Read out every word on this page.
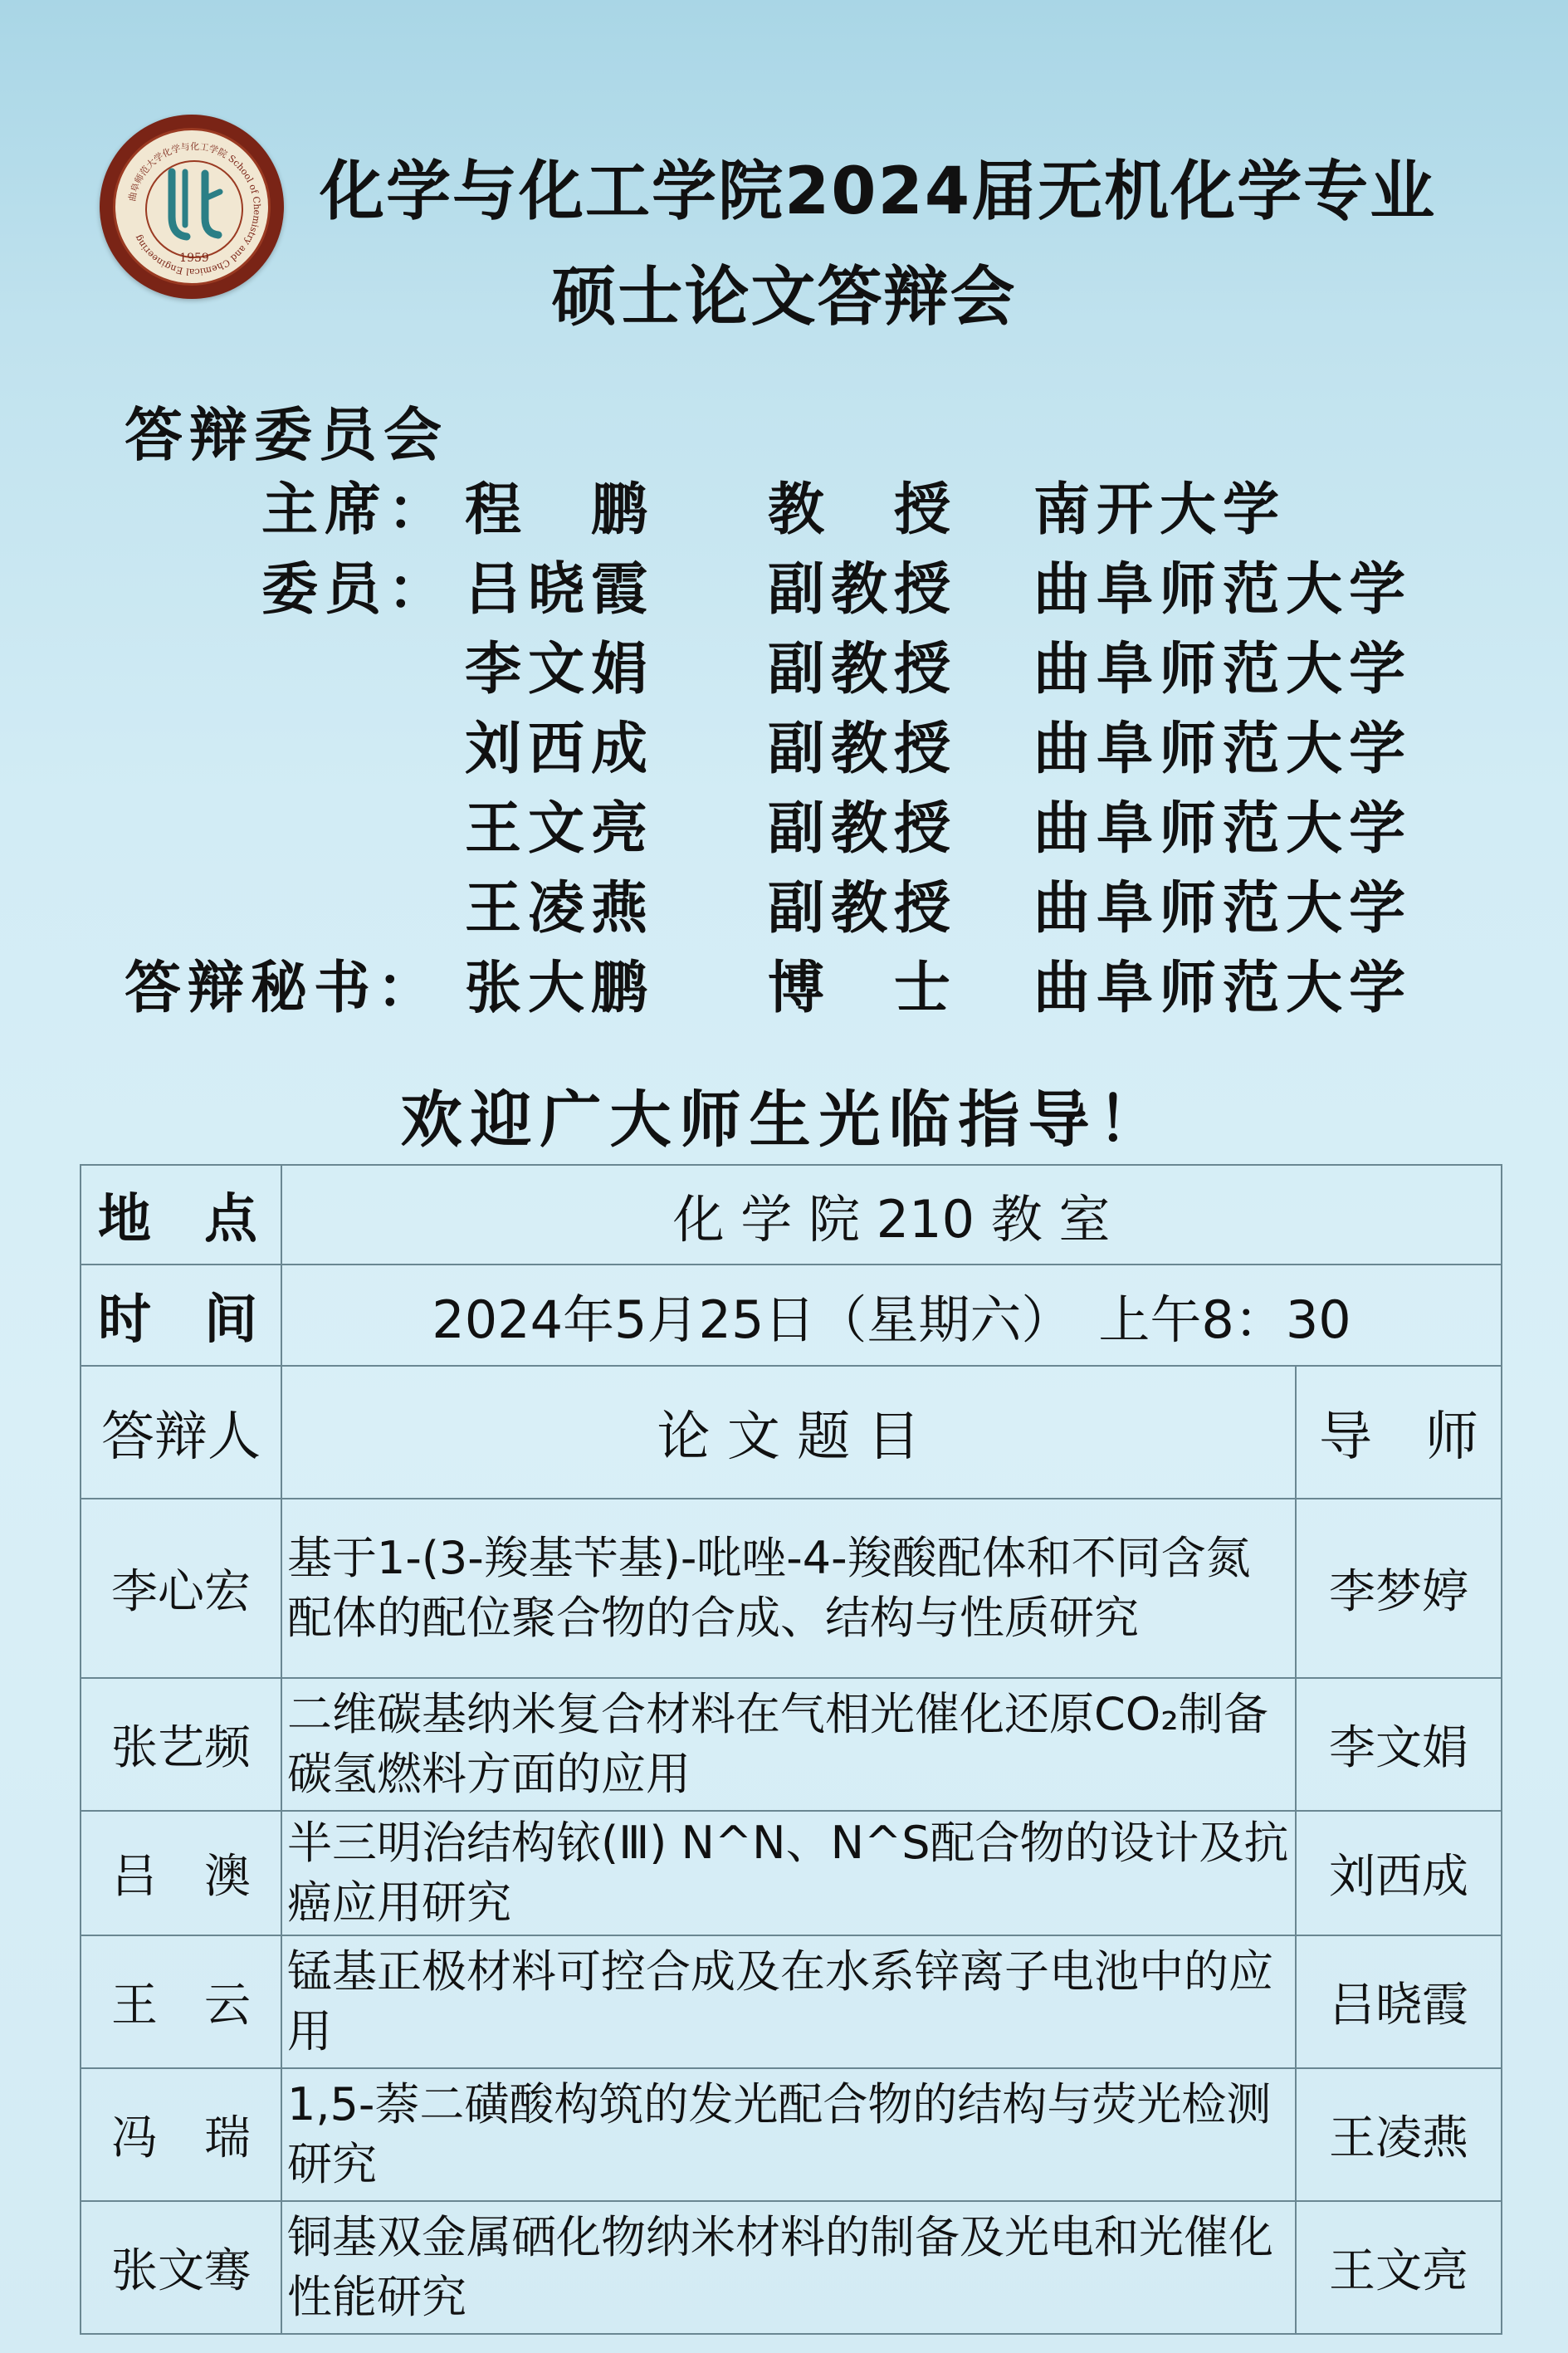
曲阜师范大学化学与化工学院 School of Chemistry and Chemical Engineering
1959
化学与化工学院2024届无机化学专业
硕士论文答辩会
答辩委员会
主席： 程　鹏 教　授	南开大学
委员： 吕晓霞 副教授	曲阜师范大学
李文娟 副教授	曲阜师范大学
刘西成 副教授	曲阜师范大学
王文亮 副教授	曲阜师范大学
王凌燕 副教授	曲阜师范大学
答辩秘书： 张大鹏 博　士	曲阜师范大学
欢迎广大师生光临指导！
地　点	化 学 院 210 教 室	
时　间	2024年5月25日（星期六）　上午8：30	
答辩人	论 文 题 目	导　师
李心宏	基于1-(3-羧基苄基)-吡唑-4-羧酸配体和不同含氮配体的配位聚合物的合成、结构与性质研究	李梦婷
张艺频	二维碳基纳米复合材料在气相光催化还原CO₂制备碳氢燃料方面的应用	李文娟
吕　澳	半三明治结构铱(Ⅲ) N^N、N^S配合物的设计及抗癌应用研究	刘西成
王　云	锰基正极材料可控合成及在水系锌离子电池中的应用	吕晓霞
冯　瑞	1,5-萘二磺酸构筑的发光配合物的结构与荧光检测研究	王凌燕
张文骞	铜基双金属硒化物纳米材料的制备及光电和光催化性能研究	王文亮
